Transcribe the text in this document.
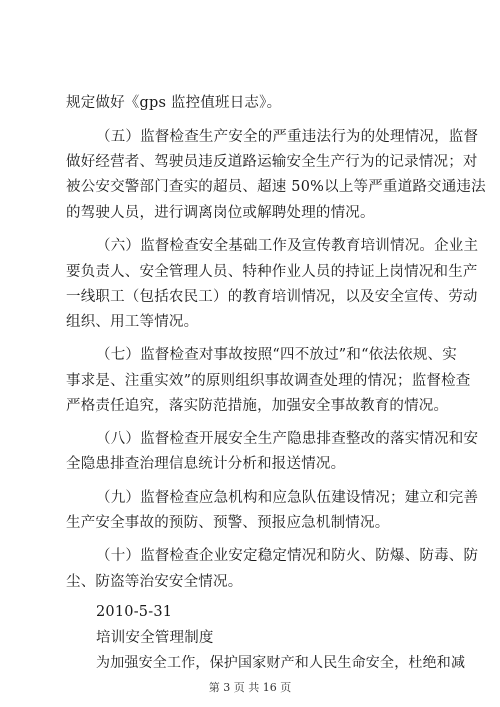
规定做好《gps 监控值班日志》。
（五）监督检查生产安全的严重违法行为的处理情况，监督
做好经营者、驾驶员违反道路运输安全生产行为的记录情况；对
被公安交警部门查实的超员、超速 50%以上等严重道路交通违法
的驾驶人员，进行调离岗位或解聘处理的情况。
（六）监督检查安全基础工作及宣传教育培训情况。企业主
要负责人、安全管理人员、特种作业人员的持证上岗情况和生产
一线职工（包括农民工）的教育培训情况，以及安全宣传、劳动
组织、用工等情况。
（七）监督检查对事故按照“四不放过”和“依法依规、实
事求是、注重实效”的原则组织事故调查处理的情况；监督检查
严格责任追究，落实防范措施，加强安全事故教育的情况。
（八）监督检查开展安全生产隐患排查整改的落实情况和安
全隐患排查治理信息统计分析和报送情况。
（九）监督检查应急机构和应急队伍建设情况；建立和完善
生产安全事故的预防、预警、预报应急机制情况。
（十）监督检查企业安定稳定情况和防火、防爆、防毒、防
尘、防盗等治安安全情况。
2010-5-31
培训安全管理制度
为加强安全工作，保护国家财产和人民生命安全，杜绝和减
第 3 页 共 16 页
